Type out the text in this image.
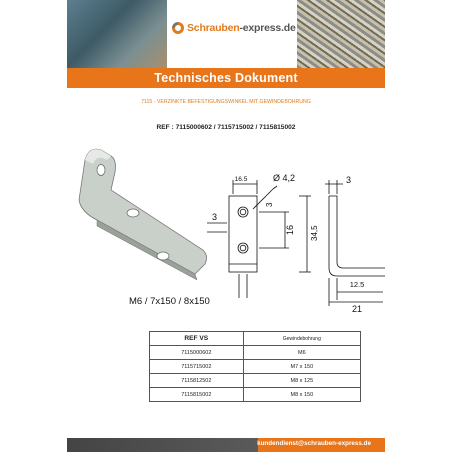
Schrauben-express.de
Technisches Dokument
7115 - VERZINKTE BEFESTIGUNGSWINKEL MIT GEWINDEBOHRUNG
REF : 7115000602 / 7115715002 / 7115815002
16.5	Ø 4,2
3
3
16 34,5
3
12.5
21
M6 / 7x150 / 8x150
REF VS	Gewindebohrung
7115000602	M6
7115715002	M7 x 150
7115812502	M8 x 125
7115815002	M8 x 150
kundendienst@schrauben-express.de
